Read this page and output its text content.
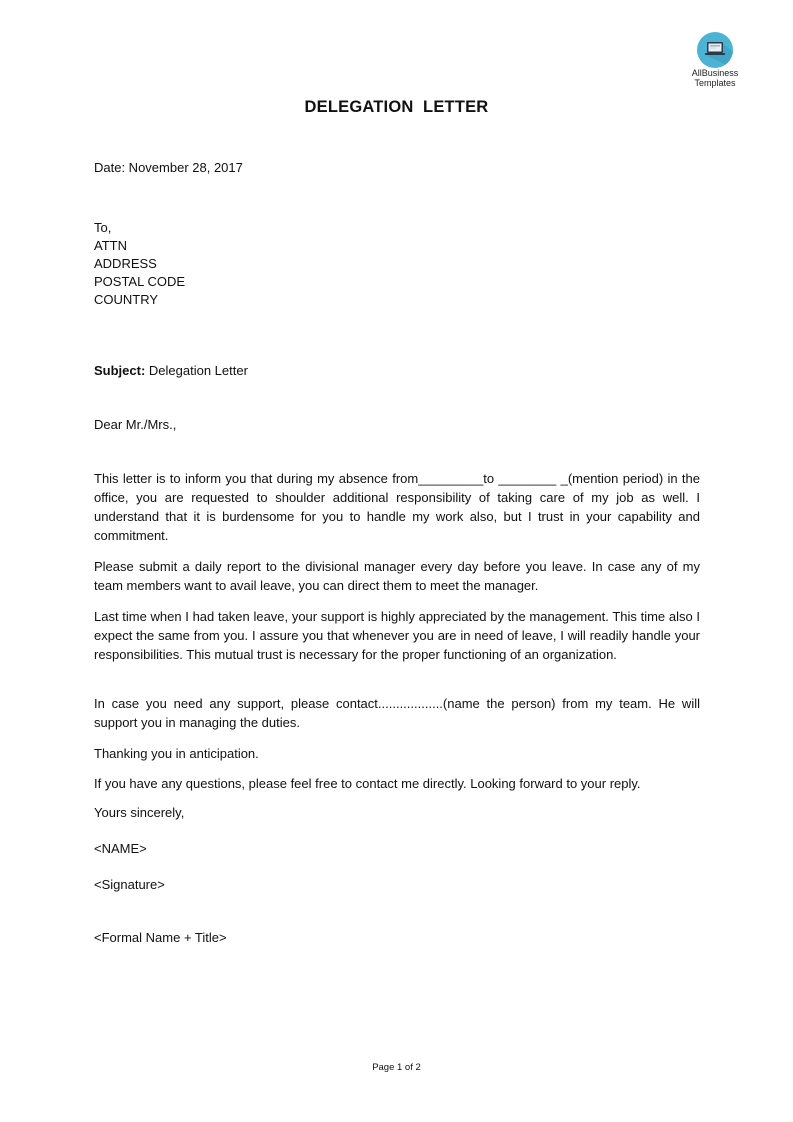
AllBusiness
Templates
DELEGATION  LETTER
Date: November 28, 2017
To,
ATTN
ADDRESS
POSTAL CODE
COUNTRY
Subject: Delegation Letter
Dear Mr./Mrs.,
This letter is to inform you that during my absence from_________to ________ _(mention period) in the office, you are requested to shoulder additional responsibility of taking care of my job as well. I understand that it is burdensome for you to handle my work also, but I trust in your capability and commitment.
Please submit a daily report to the divisional manager every day before you leave. In case any of my team members want to avail leave, you can direct them to meet the manager.
Last time when I had taken leave, your support is highly appreciated by the management. This time also I expect the same from you. I assure you that whenever you are in need of leave, I will readily handle your responsibilities. This mutual trust is necessary for the proper functioning of an organization.
In case you need any support, please contact..................(name the person) from my team. He will support you in managing the duties.
Thanking you in anticipation.
If you have any questions, please feel free to contact me directly. Looking forward to your reply.
Yours sincerely,
<NAME>
<Signature>
<Formal Name + Title>
Page 1 of 2
